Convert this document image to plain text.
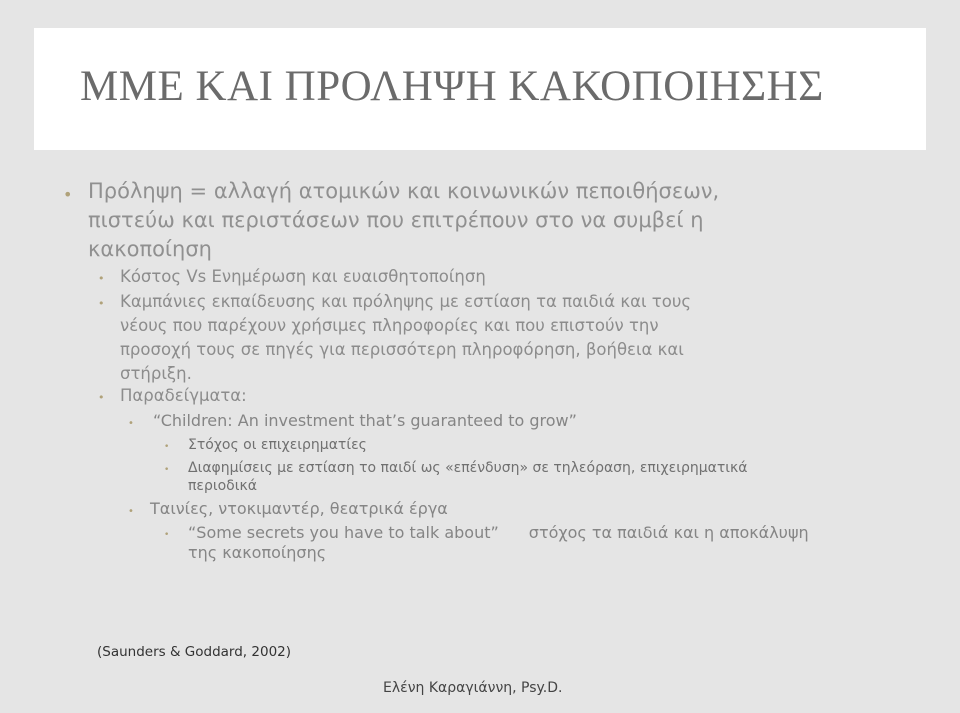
ΜΜΕ ΚΑΙ ΠΡΟΛΗΨΗ ΚΑΚΟΠΟΙΗΣΗΣ
• Πρόληψη = αλλαγή ατομικών και κοινωνικών πεποιθήσεων,
πιστεύω και περιστάσεων που επιτρέπουν στο να συμβεί η
κακοποίηση
• Κόστος Vs Ενημέρωση και ευαισθητοποίηση
• Καμπάνιες εκπαίδευσης και πρόληψης με εστίαση τα παιδιά και τους
νέους που παρέχουν χρήσιμες πληροφορίες και που επιστούν την
προσοχή τους σε πηγές για περισσότερη πληροφόρηση, βοήθεια και
στήριξη.
• Παραδείγματα:
• “Children: An investment that’s guaranteed to grow”
• Στόχος οι επιχειρηματίες
• Διαφημίσεις με εστίαση το παιδί ως «επένδυση» σε τηλεόραση, επιχειρηματικά
περιοδικά
• Ταινίες, ντοκιμαντέρ, θεατρικά έργα
• “Some secrets you have to talk about” στόχος τα παιδιά και η αποκάλυψη
της κακοποίησης
(Saunders & Goddard, 2002)
Ελένη Καραγιάννη, Psy.D.
